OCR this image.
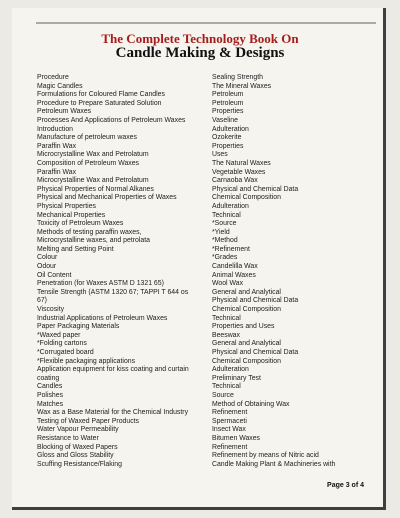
The Complete Technology Book On
Candle Making & Designs
Procedure
Magic Candles
Formulations for Coloured Flame Candles
Procedure to Prepare Saturated Solution
Petroleum Waxes
Processes And Applications of Petroleum Waxes
Introduction
Manufacture of petroleum waxes
Paraffin Wax
Microcrystalline Wax and Petrolatum
Composition of Petroleum Waxes
Paraffin Wax
Microcrystalline Wax and Petrolatum
Physical Properties of Normal Alkanes
Physical and Mechanical Properties of Waxes
Physical Properties
Mechanical Properties
Toxicity of Petroleum Waxes
Methods of testing paraffin waxes,
Microcrystalline waxes, and petrolata
Melting and Setting Point
Colour
Odour
Oil Content
Penetration (for Waxes ASTM D 1321 65)
Tensile Strength (ASTM 1320 67; TAPPI T 644 os
67)
Viscosity
Industrial Applications of Petroleum Waxes
Paper Packaging Materials
*Waxed paper
*Folding cartons
*Corrugated board
*Flexible packaging applications
Application equipment for kiss coating and curtain
coating
Candles
Polishes
Matches
Wax as a Base Material for the Chemical Industry
Testing of Waxed Paper Products
Water Vapour Permeability
Resistance to Water
Blocking of Waxed Papers
Gloss and Gloss Stability
Scuffing Resistance/Flaking
Sealing Strength
The Mineral Waxes
Petroleum
Petroleum
Properties
Vaseline
Adulteration
Ozokerite
Properties
Uses
The Natural Waxes
Vegetable Waxes
Carnaoba Wax
Physical and Chemical Data
Chemical Composition
Adulteration
Technical
*Source
*Yield
*Method
*Refinement
*Grades
Candelilla Wax
Animal Waxes
Wool Wax
General and Analytical
Physical and Chemical Data
Chemical Composition
Technical
Properties and Uses
Beeswax
General and Analytical
Physical and Chemical Data
Chemical Composition
Adulteration
Preliminary Test
Technical
Source
Method of Obtaining Wax
Refinement
Spermaceti
Insect Wax
Bitumen Waxes
Refinement
Refinement by means of Nitric acid
Candle Making Plant & Machineries with
Page 3 of 4
